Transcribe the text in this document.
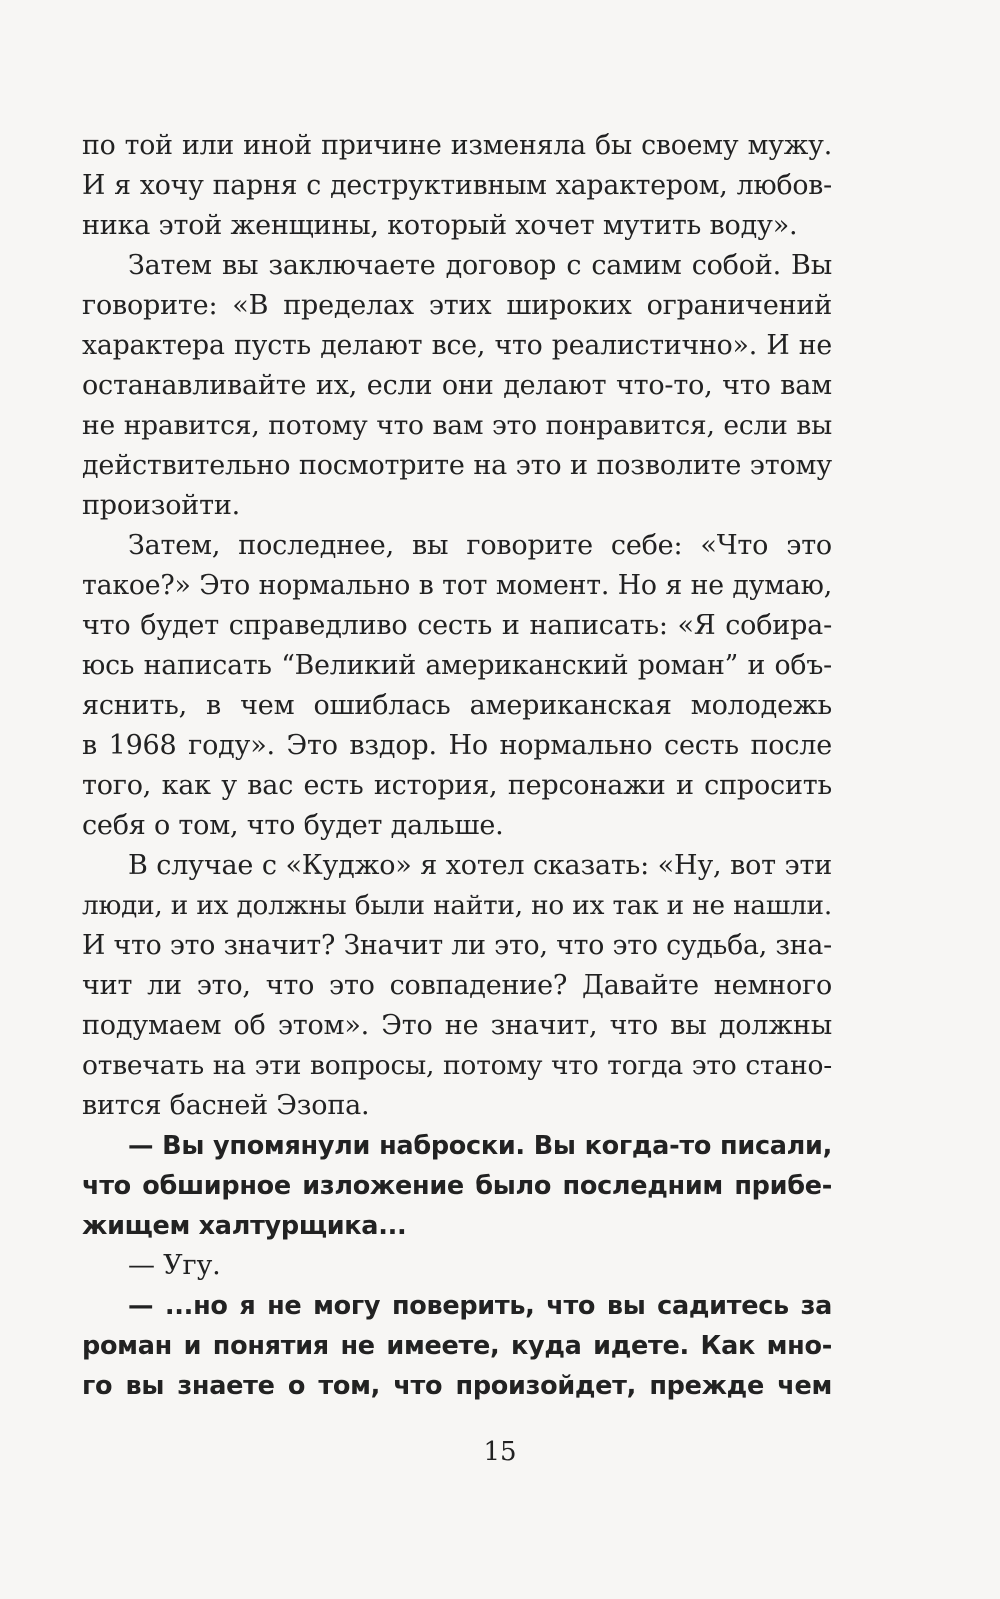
по той или иной причине изменяла бы своему мужу.
И я хочу парня с деструктивным характером, любов-
ника этой женщины, который хочет мутить воду».
Затем вы заключаете договор с самим собой. Вы
говорите: «В пределах этих широких ограничений
характера пусть делают все, что реалистично». И не
останавливайте их, если они делают что-то, что вам
не нравится, потому что вам это понравится, если вы
действительно посмотрите на это и позволите этому
произойти.
Затем, последнее, вы говорите себе: «Что это
такое?» Это нормально в тот момент. Но я не думаю,
что будет справедливо сесть и написать: «Я собира-
юсь написать “Великий американский роман” и объ-
яснить, в чем ошиблась американская молодежь
в 1968 году». Это вздор. Но нормально сесть после
того, как у вас есть история, персонажи и спросить
себя о том, что будет дальше.
В случае с «Куджо» я хотел сказать: «Ну, вот эти
люди, и их должны были найти, но их так и не нашли.
И что это значит? Значит ли это, что это судьба, зна-
чит ли это, что это совпадение? Давайте немного
подумаем об этом». Это не значит, что вы должны
отвечать на эти вопросы, потому что тогда это стано-
вится басней Эзопа.
— Вы упомянули наброски. Вы когда-то писали,
что обширное изложение было последним прибе-
жищем халтурщика...
— Угу.
— ...но я не могу поверить, что вы садитесь за
роман и понятия не имеете, куда идете. Как мно-
го вы знаете о том, что произойдет, прежде чем
15
